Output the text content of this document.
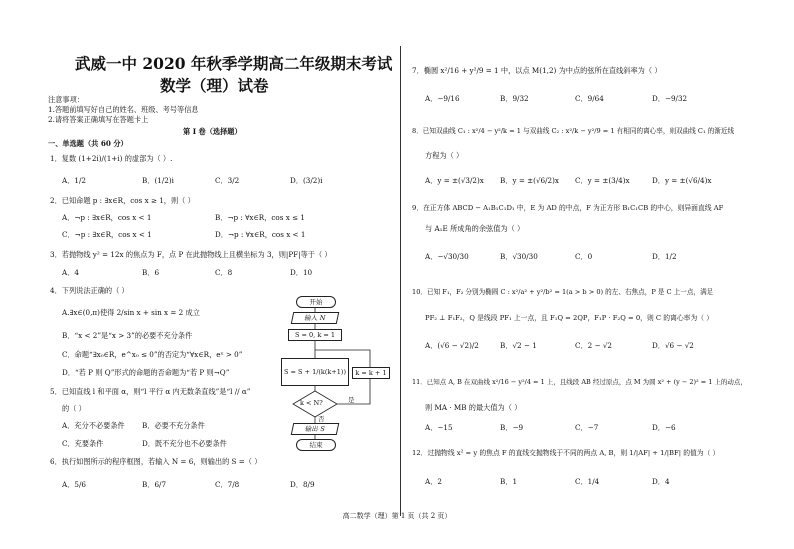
武威一中 2020 年秋季学期高二年级期末考试
数学（理）试卷
注意事项：
1.答题前填写好自己的姓名、班级、考号等信息
2.请将答案正确填写在答题卡上
第 I 卷（选择题）
一、单选题（共 60 分）
1．复数 (1+2i)/(1+i) 的虚部为（ ）.
A．1/2	B．(1/2)i	C．3/2	D．(3/2)i
2．已知命题 p : ∃x∈R，cos x ≥ 1，则（ ）
A．¬p : ∃x∈R，cos x < 1	B．¬p : ∀x∈R，cos x ≤ 1
C．¬p : ∃x∈R，cos x < 1	D．¬p : ∀x∈R，cos x < 1
3．若抛物线 y² = 12x 的焦点为 F，点 P 在此抛物线上且横坐标为 3，则|PF|等于（ ）
A．4	B．6	C．8	D．10
4．下列说法正确的（ ）
A.∃x∈(0,π)使得 2/sin x + sin x = 2 成立
B．“x < 2”是“x > 3”的必要不充分条件
C．命题“∃x₀∈R，e^x₀ ≤ 0”的否定为“∀x∈R，eˣ > 0”
D．“若 P 则 Q”形式的命题的否命题为“若 P 则¬Q”
5．已知直线 l 和平面 α，则“l 平行 α 内无数条直线”是“l // α”
的（ ）
A．充分不必要条件 B．必要不充分条件
C．充要条件	D．既不充分也不必要条件
6．执行如图所示的程序框图，若输入 N = 6，则输出的 S =（ ）
A．5/6	B．6/7	C．7/8	D．8/9
开始
输入 N
S = 0, k = 1
S = S + 1/(k(k+1))	k = k + 1
k < N?	是
否
输出 S
结束
7．椭圆 x²/16 + y²/9 = 1 中，以点 M(1,2) 为中点的弦所在直线斜率为（ ）
A．−9/16	B．9/32	C．9/64	D．−9/32
8．已知双曲线 C₁ : x²/4 − y²/k = 1 与双曲线 C₂ : x²/k − y²/9 = 1 有相同的离心率，则双曲线 C₁ 的渐近线
方程为（ ）
A．y = ±(√3/2)x B．y = ±(√6/2)x C．y = ±(3/4)x	D．y = ±(√6/4)x
9．在正方体 ABCD − A₁B₁C₁D₁ 中，E 为 AD 的中点，F 为正方形 B₁C₁CB 的中心，则异面直线 AF
与 A₁E 所成角的余弦值为（ ）
A．−√30/30	B．√30/30	C．0	D．1/2
10．已知 F₁，F₂ 分别为椭圆 C : x²/a² + y²/b² = 1(a > b > 0) 的左、右焦点，P 是 C 上一点，满足
PF₂ ⊥ F₁F₂，Q 是线段 PF₁ 上一点，且 F₁Q = 2QP，F₁P · F₂Q = 0，则 C 的离心率为（ ）
A．(√6 − √2)/2	B．√2 − 1	C．2 − √2	D．√6 − √2
11．已知点 A, B 在双曲线 x²/16 − y²/4 = 1 上，且线段 AB 经过原点，点 M 为圆 x² + (y − 2)² = 1 上的动点，
则 MA · MB 的最大值为（ ）
A．−15	B．−9	C．−7	D．−6
12．过抛物线 x² = y 的焦点 F 的直线交抛物线于不同的两点 A, B，则 1/|AF| + 1/|BF| 的值为（ ）
A．2	B．1	C．1/4	D．4
高二数学（理）第 1 页（共 2 页）
